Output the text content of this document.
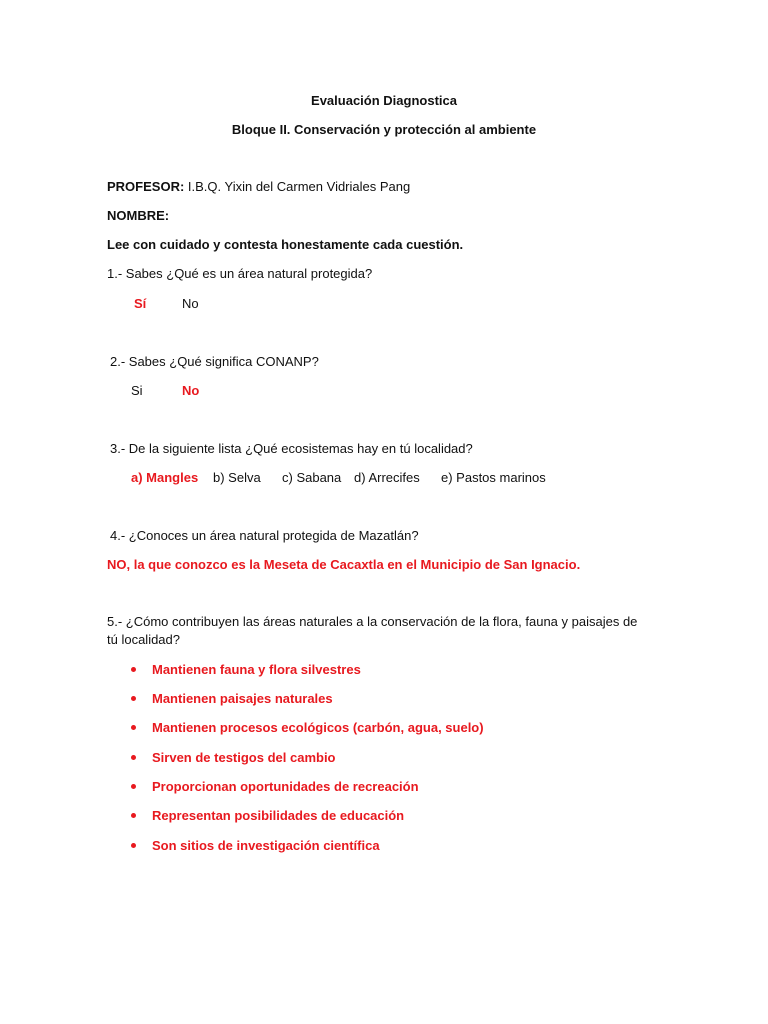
Evaluación Diagnostica
Bloque II. Conservación y protección al ambiente
PROFESOR: I.B.Q. Yixin del Carmen Vidriales Pang
NOMBRE:
Lee con cuidado y contesta honestamente cada cuestión.
1.- Sabes ¿Qué es un área natural protegida?
Sí	No
2.- Sabes ¿Qué significa CONANP?
Si	No
3.- De la siguiente lista ¿Qué ecosistemas hay en tú localidad?
a) Mangles b) Selva c) Sabana d) Arrecifes e) Pastos marinos
4.- ¿Conoces un área natural protegida de Mazatlán?
NO, la que conozco es la Meseta de Cacaxtla en el Municipio de San Ignacio.
5.- ¿Cómo contribuyen las áreas naturales a la conservación de la flora, fauna y paisajes de tú localidad?
Mantienen fauna y flora silvestres
Mantienen paisajes naturales
Mantienen procesos ecológicos (carbón, agua, suelo)
Sirven de testigos del cambio
Proporcionan oportunidades de recreación
Representan posibilidades de educación
Son sitios de investigación científica
